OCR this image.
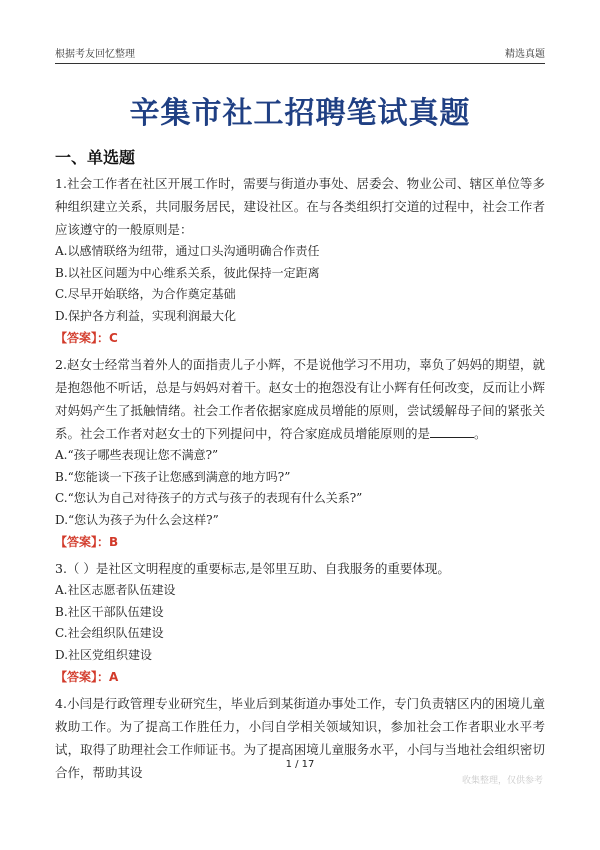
根据考友回忆整理	精选真题
辛集市社工招聘笔试真题
一、单选题

1.社会工作者在社区开展工作时，需要与街道办事处、居委会、物业公司、辖区单位等多种组织建立关系，共同服务居民，建设社区。在与各类组织打交道的过程中，社会工作者应该遵守的一般原则是：

A.以感情联络为纽带，通过口头沟通明确合作责任

B.以社区问题为中心维系关系，彼此保持一定距离

C.尽早开始联络，为合作奠定基础

D.保护各方利益，实现利润最大化

【答案】：C

2.赵女士经常当着外人的面指责儿子小辉，不是说他学习不用功，辜负了妈妈的期望，就是抱怨他不听话，总是与妈妈对着干。赵女士的抱怨没有让小辉有任何改变，反而让小辉对妈妈产生了抵触情绪。社会工作者依据家庭成员增能的原则，尝试缓解母子间的紧张关系。社会工作者对赵女士的下列提问中，符合家庭成员增能原则的是	。

A.“孩子哪些表现让您不满意?”

B.“您能谈一下孩子让您感到满意的地方吗?”

C.“您认为自己对待孩子的方式与孩子的表现有什么关系?”

D.“您认为孩子为什么会这样?”

【答案】：B

3.（ ）是社区文明程度的重要标志,是邻里互助、自我服务的重要体现。

A.社区志愿者队伍建设

B.社区干部队伍建设

C.社会组织队伍建设

D.社区党组织建设

【答案】：A

4.小闫是行政管理专业研究生，毕业后到某街道办事处工作，专门负责辖区内的困境儿童救助工作。为了提高工作胜任力，小闫自学相关领域知识，参加社会工作者职业水平考试，取得了助理社会工作师证书。为了提高困境儿童服务水平，小闫与当地社会组织密切合作，帮助其设

1 / 17
收集整理，仅供参考
